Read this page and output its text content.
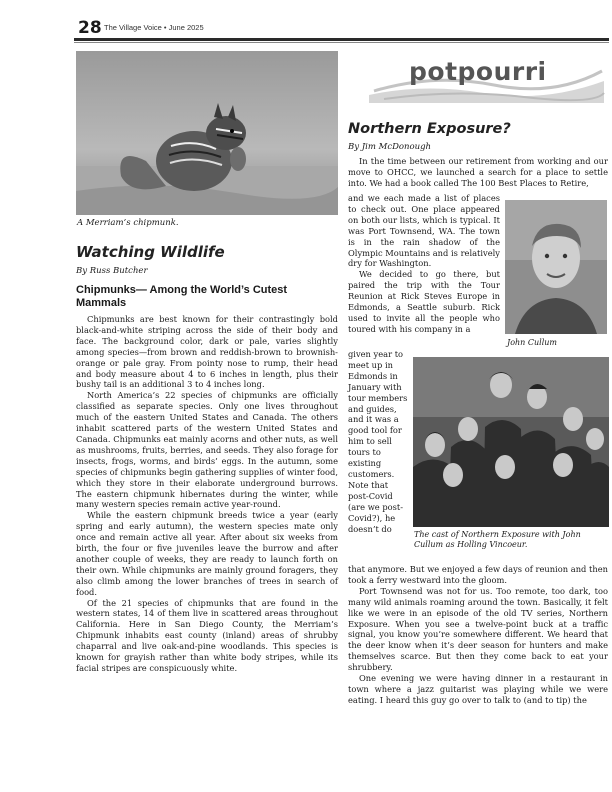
28 The Village Voice • June 2025
A Merriam’s chipmunk.
potpourri
Northern Exposure?
By Jim McDonough

In the time between our retirement from working and our move to OHCC, we launched a search for a place to settle into. We had a book called The 100 Best Places to Retire,

and we each made a list of places to check out. One place appeared on both our lists, which is typical. It was Port Townsend, WA. The town is in the rain shadow of the Olympic Mountains and is relatively dry for Washington.

We decided to go there, but paired the trip with the Tour Reunion at Rick Steves Europe in Edmonds, a Seattle suburb. Rick used to invite all the people who toured with his company in a

John Cullum

given year to meet up in Edmonds in January with tour members and guides, and it was a good tool for him to sell tours to existing customers. Note that post-Covid (are we post-Covid?), he doesn’t do

The cast of Northern Exposure with John Cullum as Holling Vincoeur.

that anymore. But we enjoyed a few days of reunion and then took a ferry westward into the gloom.

Port Townsend was not for us. Too remote, too dark, too many wild animals roaming around the town. Basically, it felt like we were in an episode of the old TV series, Northern Exposure. When you see a twelve-point buck at a traffic signal, you know you’re somewhere different. We heard that the deer know when it’s deer season for hunters and make themselves scarce. But then they come back to eat your shrubbery.

One evening we were having dinner in a restaurant in town where a jazz guitarist was playing while we were eating. I heard this guy go over to talk to (and to tip) the

Watching Wildlife
By Russ Butcher
Chipmunks— Among the World’s Cutest Mammals

Chipmunks are best known for their contrastingly bold black-and-white striping across the side of their body and face. The background color, dark or pale, varies slightly among species—from brown and reddish-brown to brownish-orange or pale gray. From pointy nose to rump, their head and body measure about 4 to 6 inches in length, plus their bushy tail is an additional 3 to 4 inches long.

North America’s 22 species of chipmunks are officially classified as separate species. Only one lives throughout much of the eastern United States and Canada. The others inhabit scattered parts of the western United States and Canada. Chipmunks eat mainly acorns and other nuts, as well as mushrooms, fruits, berries, and seeds. They also forage for insects, frogs, worms, and birds’ eggs. In the autumn, some species of chipmunks begin gathering supplies of winter food, which they store in their elaborate underground burrows. The eastern chipmunk hibernates during the winter, while many western species remain active year-round.

While the eastern chipmunk breeds twice a year (early spring and early autumn), the western species mate only once and remain active all year. After about six weeks from birth, the four or five juveniles leave the burrow and after another couple of weeks, they are ready to launch forth on their own. While chipmunks are mainly ground foragers, they also climb among the lower branches of trees in search of food.

Of the 21 species of chipmunks that are found in the western states, 14 of them live in scattered areas throughout California. Here in San Diego County, the Merriam’s Chipmunk inhabits east county (inland) areas of shrubby chaparral and live oak-and-pine woodlands. This species is known for grayish rather than white body stripes, while its facial stripes are conspicuously white.
